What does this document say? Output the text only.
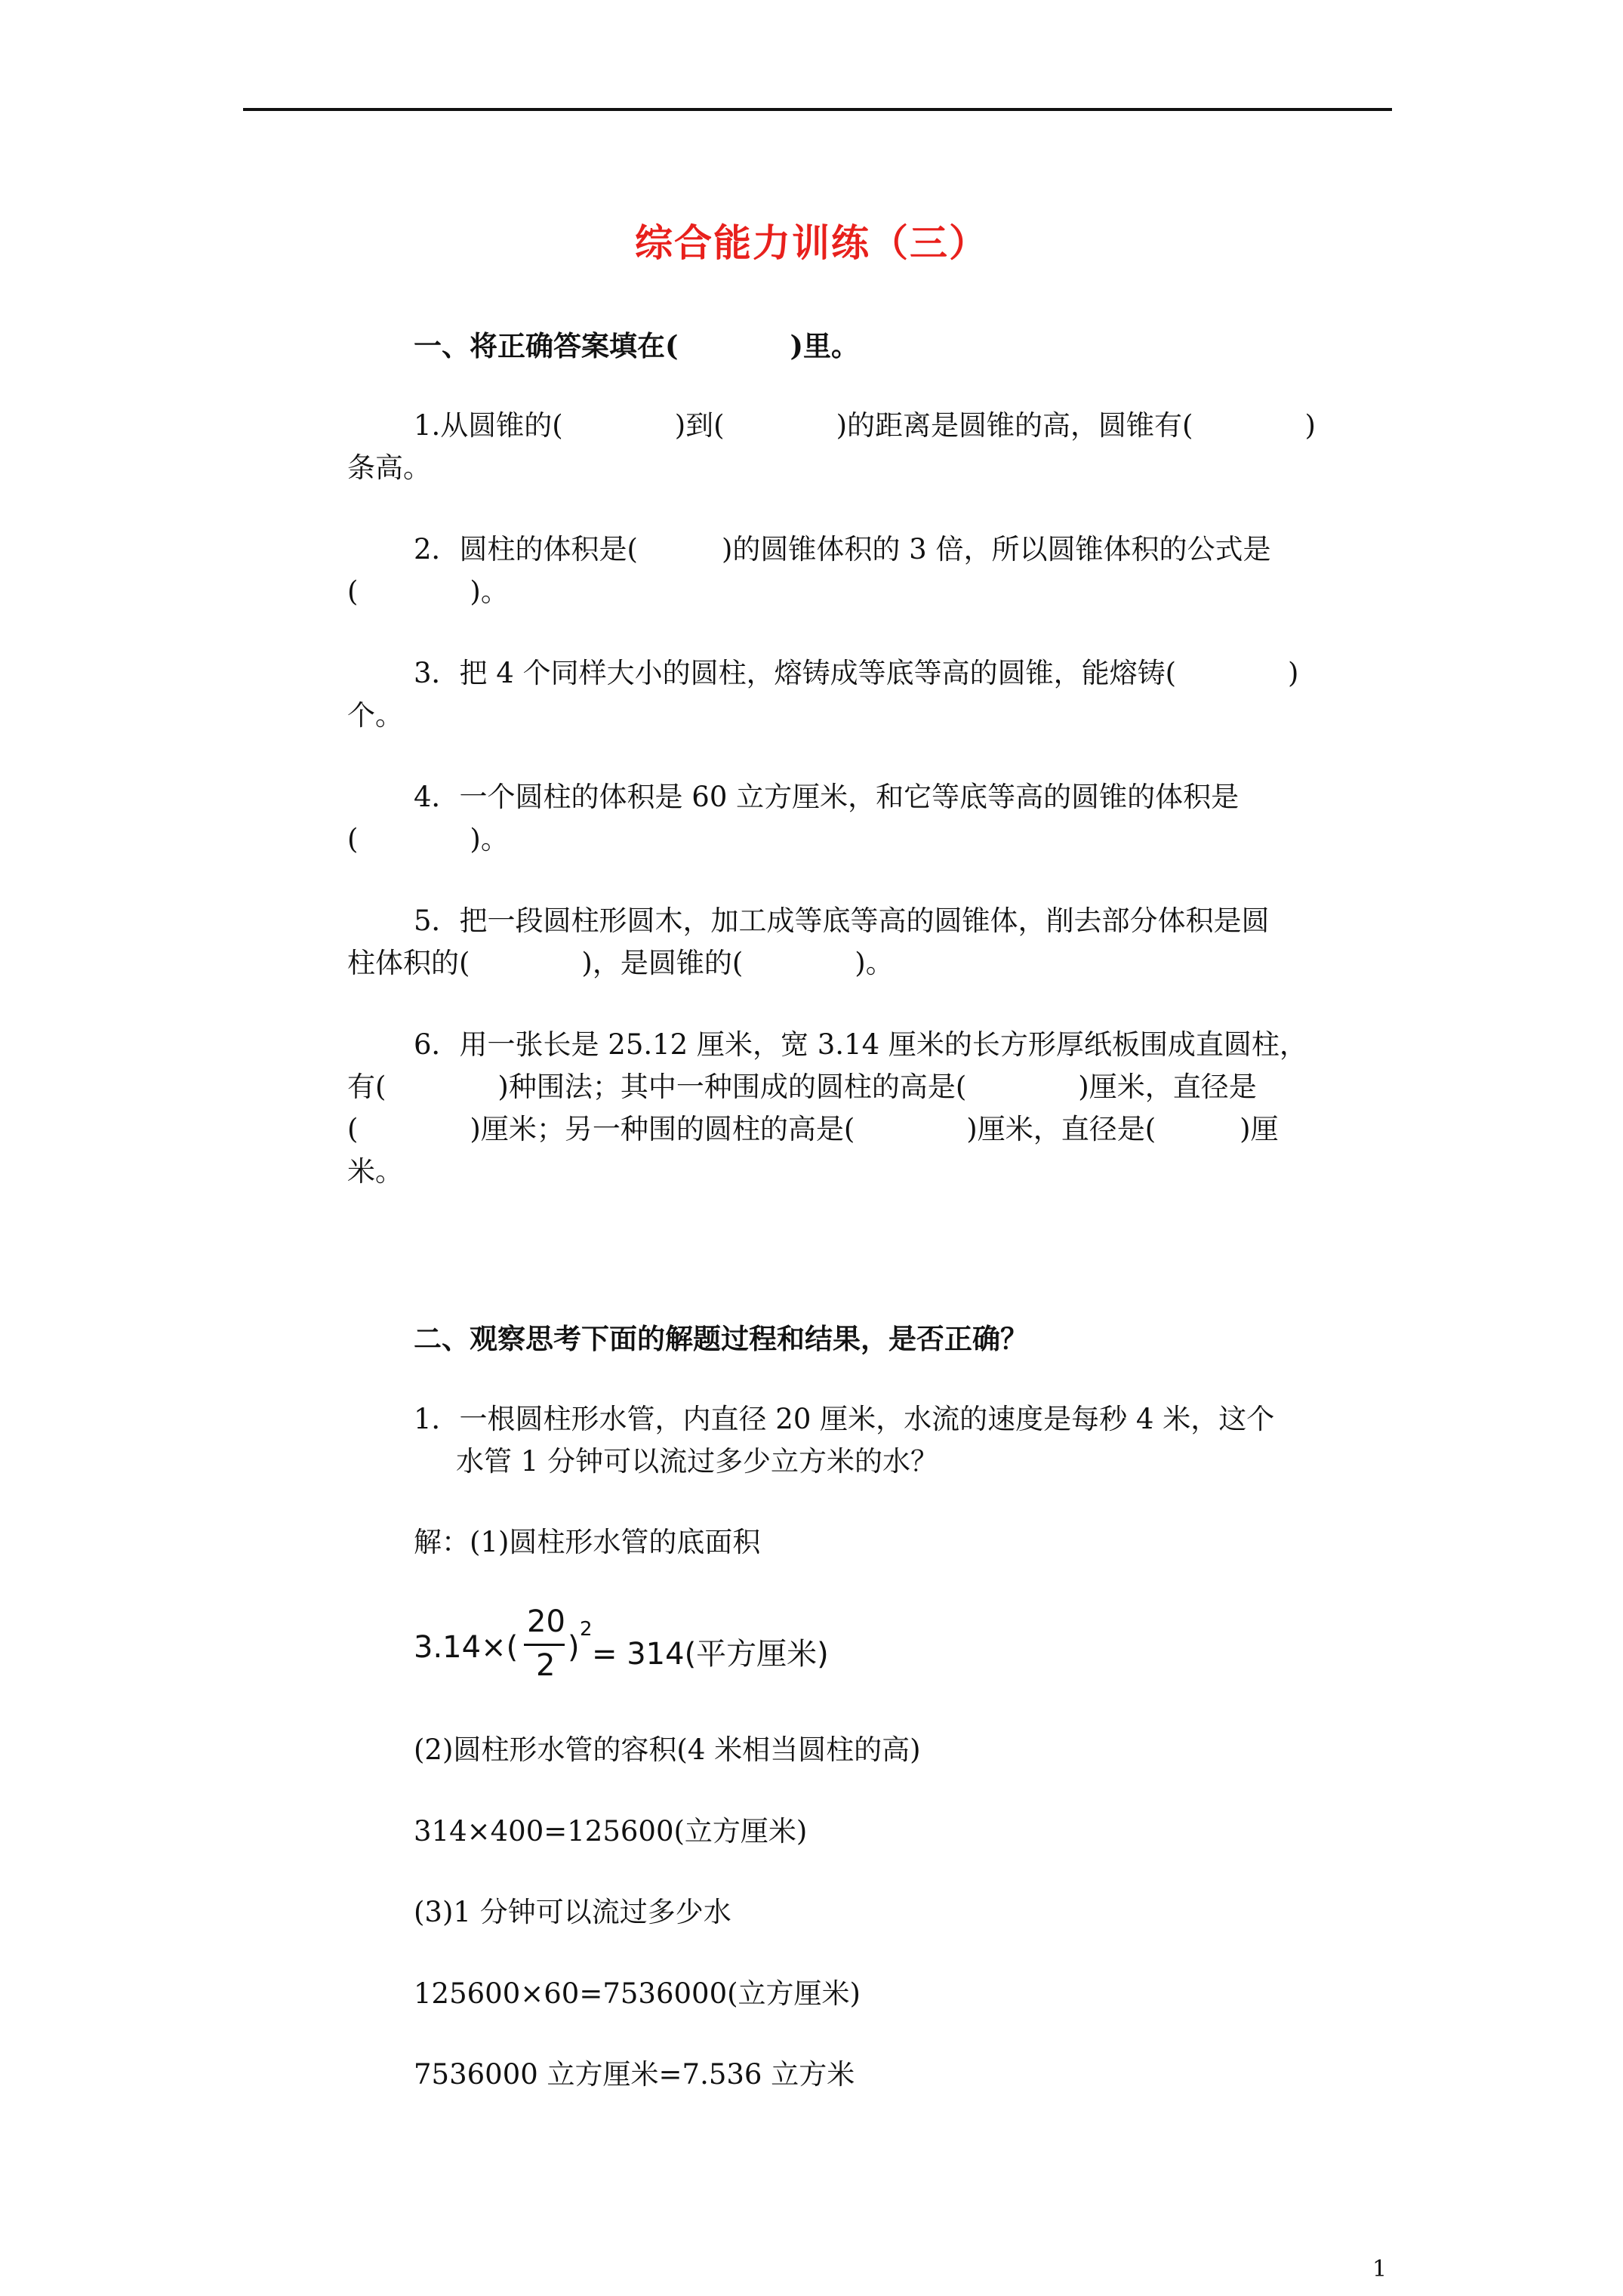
综合能力训练（三）
一、将正确答案填在(　　　　)里。
1.从圆锥的(　　　　)到(　　　　)的距离是圆锥的高，圆锥有(　　　　)
条高。
2．圆柱的体积是(　　　)的圆锥体积的 3 倍，所以圆锥体积的公式是
(　　　　)。
3．把 4 个同样大小的圆柱，熔铸成等底等高的圆锥，能熔铸(　　　　)
个。
4．一个圆柱的体积是 60 立方厘米，和它等底等高的圆锥的体积是
(　　　　)。
5．把一段圆柱形圆木，加工成等底等高的圆锥体，削去部分体积是圆
柱体积的(　　　　)，是圆锥的(　　　　)。
6．用一张长是 25.12 厘米，宽 3.14 厘米的长方形厚纸板围成直圆柱，
有(　　　　)种围法；其中一种围成的圆柱的高是(　　　　)厘米，直径是
(　　　　)厘米；另一种围的圆柱的高是(　　　　)厘米，直径是(　　　)厘
米。
二、观察思考下面的解题过程和结果，是否正确？
1．一根圆柱形水管，内直径 20 厘米，水流的速度是每秒 4 米，这个
水管 1 分钟可以流过多少立方米的水？
解：(1)圆柱形水管的底面积
3.14×(
20
2
)
2
= 314(平方厘米)
(2)圆柱形水管的容积(4 米相当圆柱的高)
314×400=125600(立方厘米)
(3)1 分钟可以流过多少水
125600×60=7536000(立方厘米)
7536000 立方厘米=7.536 立方米
1
